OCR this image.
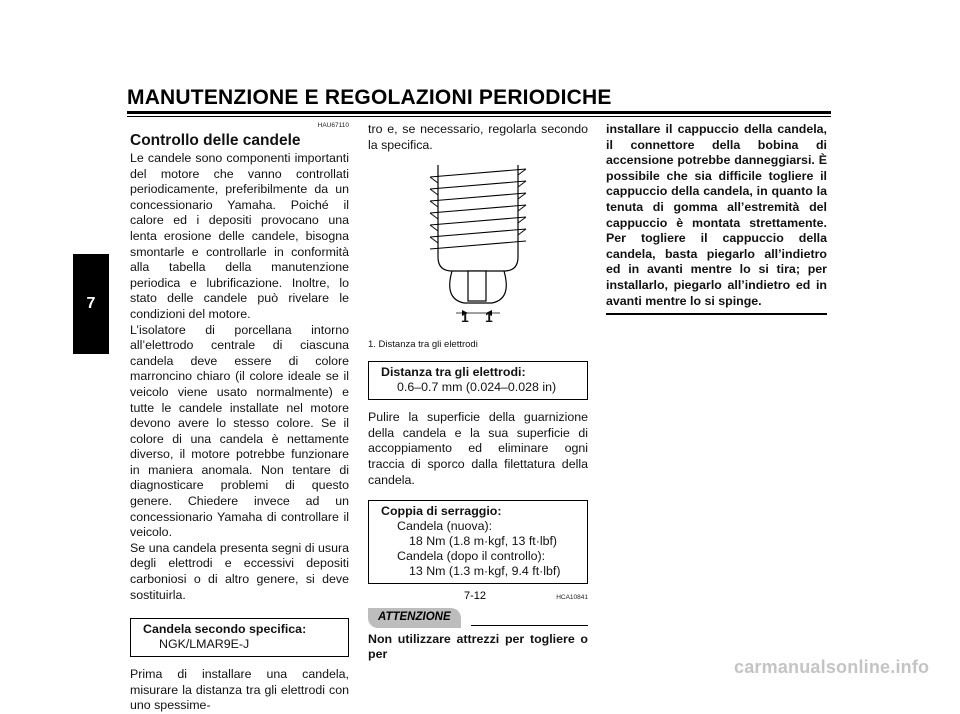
MANUTENZIONE E REGOLAZIONI PERIODICHE
7
HAU67110
Controllo delle candele

Le candele sono componenti importanti del motore che vanno controllati periodicamente, preferibilmente da un concessionario Yamaha. Poiché il calore ed i depositi provocano una lenta erosione delle candele, bisogna smontarle e controllarle in conformità alla tabella della manutenzione periodica e lubrificazione. Inoltre, lo stato delle candele può rivelare le condizioni del motore.

L’isolatore di porcellana intorno all’elettrodo centrale di ciascuna candela deve essere di colore marroncino chiaro (il colore ideale se il veicolo viene usato normalmente) e tutte le candele installate nel motore devono avere lo stesso colore. Se il colore di una candela è nettamente diverso, il motore potrebbe funzionare in maniera anomala. Non tentare di diagnosticare problemi di questo genere. Chiedere invece ad un concessionario Yamaha di controllare il veicolo.

Se una candela presenta segni di usura degli elettrodi e eccessivi depositi carboniosi o di altro genere, si deve sostituirla.

Candela secondo specifica:
NGK/LMAR9E-J

Prima di installare una candela, misurare la distanza tra gli elettrodi con uno spessime-

tro e, se necessario, regolarla secondo la specifica.

1 1
1. Distanza tra gli elettrodi
Distanza tra gli elettrodi:
0.6–0.7 mm (0.024–0.028 in)

Pulire la superficie della guarnizione della candela e la sua superficie di accoppiamento ed eliminare ogni traccia di sporco dalla filettatura della candela.

Coppia di serraggio:
Candela (nuova):
18 Nm (1.8 m·kgf, 13 ft·lbf)
Candela (dopo il controllo):
13 Nm (1.3 m·kgf, 9.4 ft·lbf)
HCA10841
ATTENZIONE

Non utilizzare attrezzi per togliere o per

installare il cappuccio della candela, il connettore della bobina di accensione potrebbe danneggiarsi. È possibile che sia difficile togliere il cappuccio della candela, in quanto la tenuta di gomma all’estremità del cappuccio è montata strettamente. Per togliere il cappuccio della candela, basta piegarlo all’indietro ed in avanti mentre lo si tira; per installarlo, piegarlo all’indietro ed in avanti mentre lo si spinge.

7-12
carmanualsonline.info
